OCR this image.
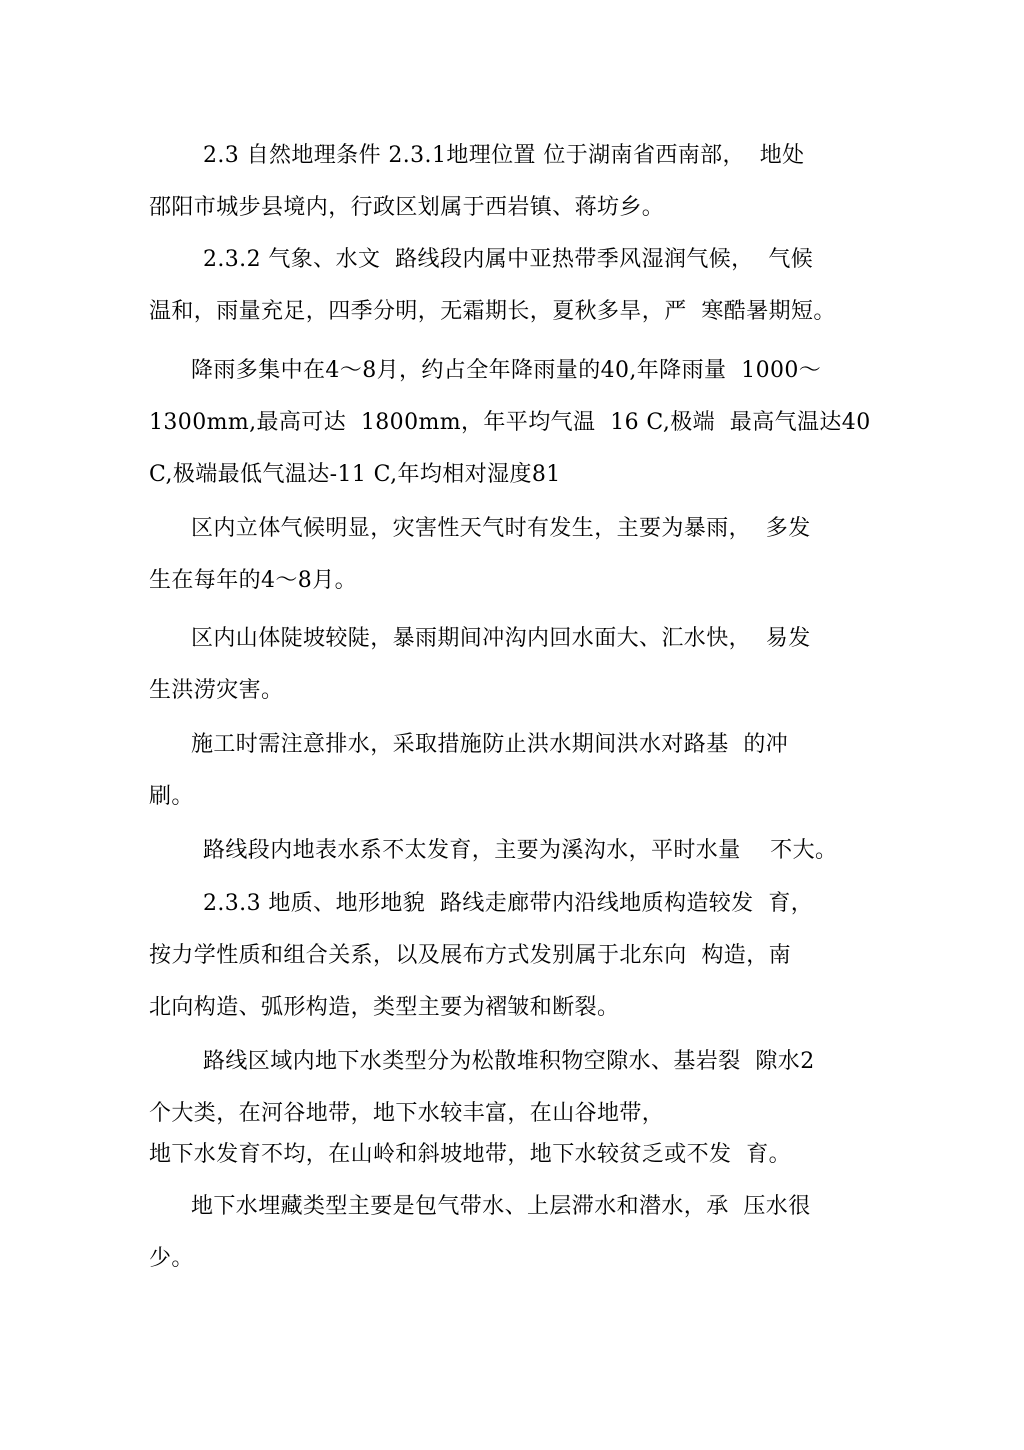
2.3 自然地理条件 2.3.1地理位置 位于湖南省西南部，  地处
邵阳市城步县境内，行政区划属于西岩镇、蒋坊乡。
2.3.2 气象、水文  路线段内属中亚热带季风湿润气候，  气候
温和，雨量充足，四季分明，无霜期长，夏秋多旱，严  寒酷暑期短。
降雨多集中在4～8月，约占全年降雨量的40,年降雨量  1000～
1300mm,最高可达  1800mm，年平均气温  16 C,极端  最高气温达40
C,极端最低气温达-11 C,年均相对湿度81
区内立体气候明显，灾害性天气时有发生，主要为暴雨，  多发
生在每年的4～8月。
区内山体陡坡较陡，暴雨期间冲沟内回水面大、汇水快，  易发
生洪涝灾害。
施工时需注意排水，采取措施防止洪水期间洪水对路基  的冲
刷。
路线段内地表水系不太发育，主要为溪沟水，平时水量    不大。
2.3.3 地质、地形地貌  路线走廊带内沿线地质构造较发  育，
按力学性质和组合关系，以及展布方式发别属于北东向  构造，南
北向构造、弧形构造，类型主要为褶皱和断裂。
路线区域内地下水类型分为松散堆积物空隙水、基岩裂  隙水2
个大类，在河谷地带，地下水较丰富，在山谷地带，
地下水发育不均，在山岭和斜坡地带，地下水较贫乏或不发  育。
地下水埋藏类型主要是包气带水、上层滞水和潜水，承  压水很
少。
